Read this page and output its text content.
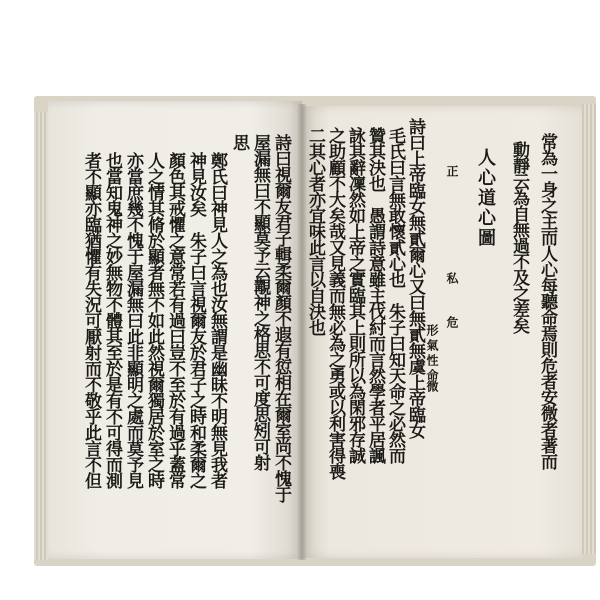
常為一身之主而人心每聽命焉則危者安微者著而
動靜云為自無過不及之差矣
人心道心圖
正
私
危
形氣性命
微
詩曰上帝臨女無貳爾心又曰無貳無虞上帝臨女
毛氏曰言無敢懷貳心也　朱子曰知天命之必然而
贊其決也　愚謂詩意雖主伐紂而言然學者平居諷
詠其辭凜然如上帝之實臨其上則所以為閑邪存誠
之助顧不大矣哉又見義而無必為之勇或以利害得喪
二其心者亦宜味此言以自決也
詩曰視爾友君子輯柔爾顏不遐有愆相在爾室尚不愧于
屋漏無曰不顯莫予云覯神之格思不可度思矧可射
思
鄭氏曰神見人之為也汝無謂是幽昧不明無見我者
神見汝矣　朱子曰言視爾友於君子之時和柔爾之
顏色其戒懼之意常若有過曰豈不至於有過乎蓋常
人之情其脩於顯者無不如此然視爾獨居於室之時
亦當庶幾不愧于屋漏無曰此非顯明之處而莫予見
也當知鬼神之妙無物不體其至於是有不可得而測
者不顯亦臨猶懼有失況可厭射而不敬乎此言不但
